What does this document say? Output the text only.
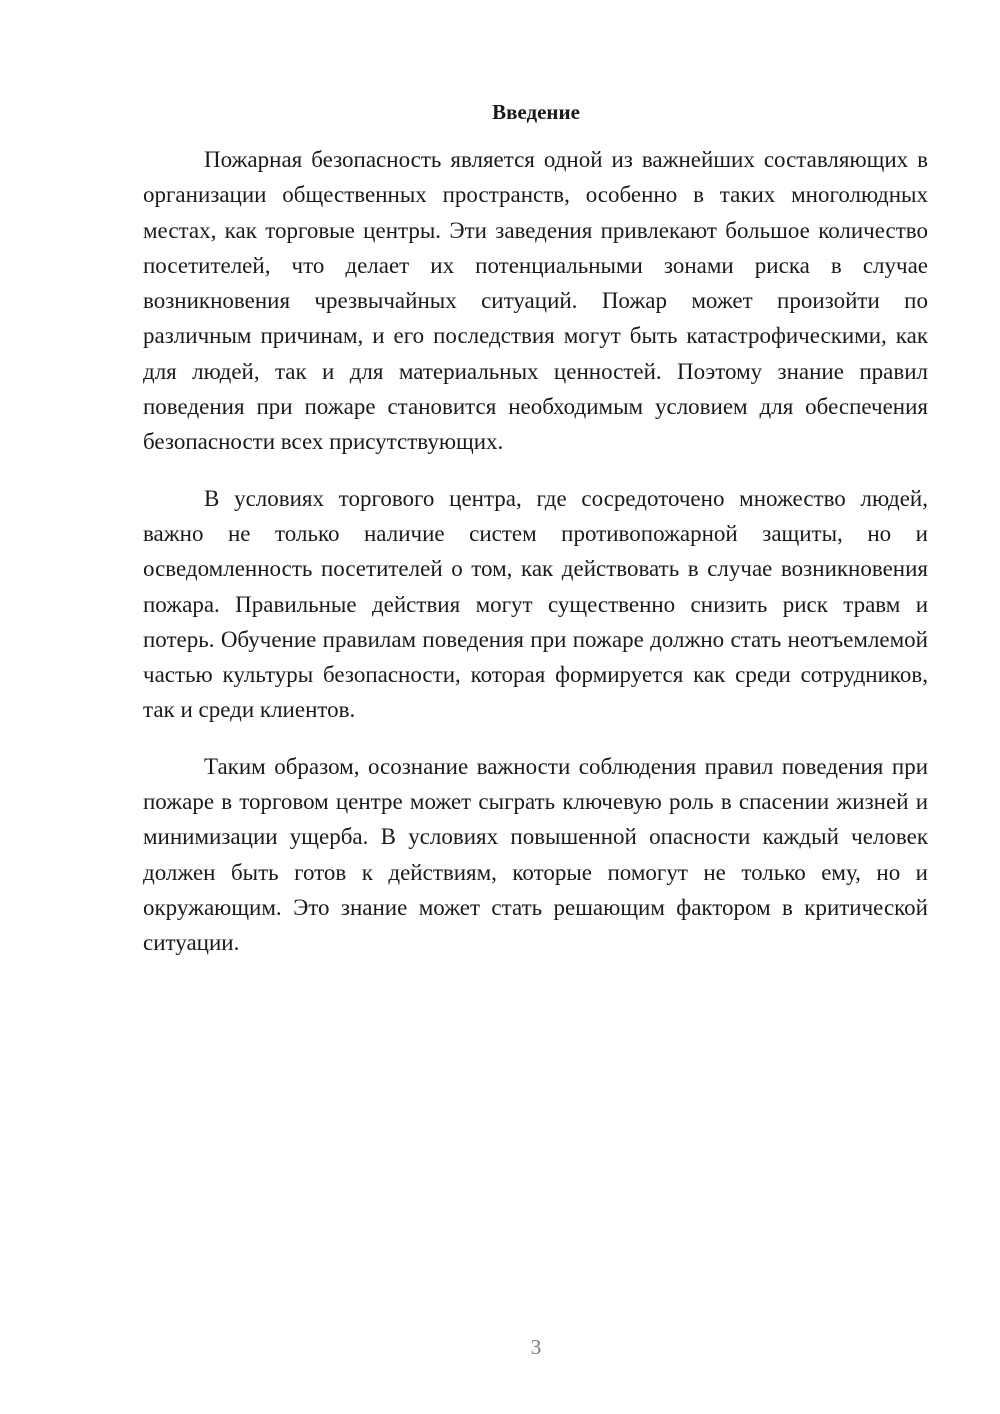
Введение

Пожарная безопасность является одной из важнейших составляющих в организации общественных пространств, особенно в таких многолюдных местах, как торговые центры. Эти заведения привлекают большое количество посетителей, что делает их потенциальными зонами риска в случае возникновения чрезвычайных ситуаций. Пожар может произойти по различным причинам, и его последствия могут быть катастрофическими, как для людей, так и для материальных ценностей. Поэтому знание правил поведения при пожаре становится необходимым условием для обеспечения безопасности всех присутствующих.

В условиях торгового центра, где сосредоточено множество людей, важно не только наличие систем противопожарной защиты, но и осведомленность посетителей о том, как действовать в случае возникновения пожара. Правильные действия могут существенно снизить риск травм и потерь. Обучение правилам поведения при пожаре должно стать неотъемлемой частью культуры безопасности, которая формируется как среди сотрудников, так и среди клиентов.

Таким образом, осознание важности соблюдения правил поведения при пожаре в торговом центре может сыграть ключевую роль в спасении жизней и минимизации ущерба. В условиях повышенной опасности каждый человек должен быть готов к действиям, которые помогут не только ему, но и окружающим. Это знание может стать решающим фактором в критической ситуации.

3
